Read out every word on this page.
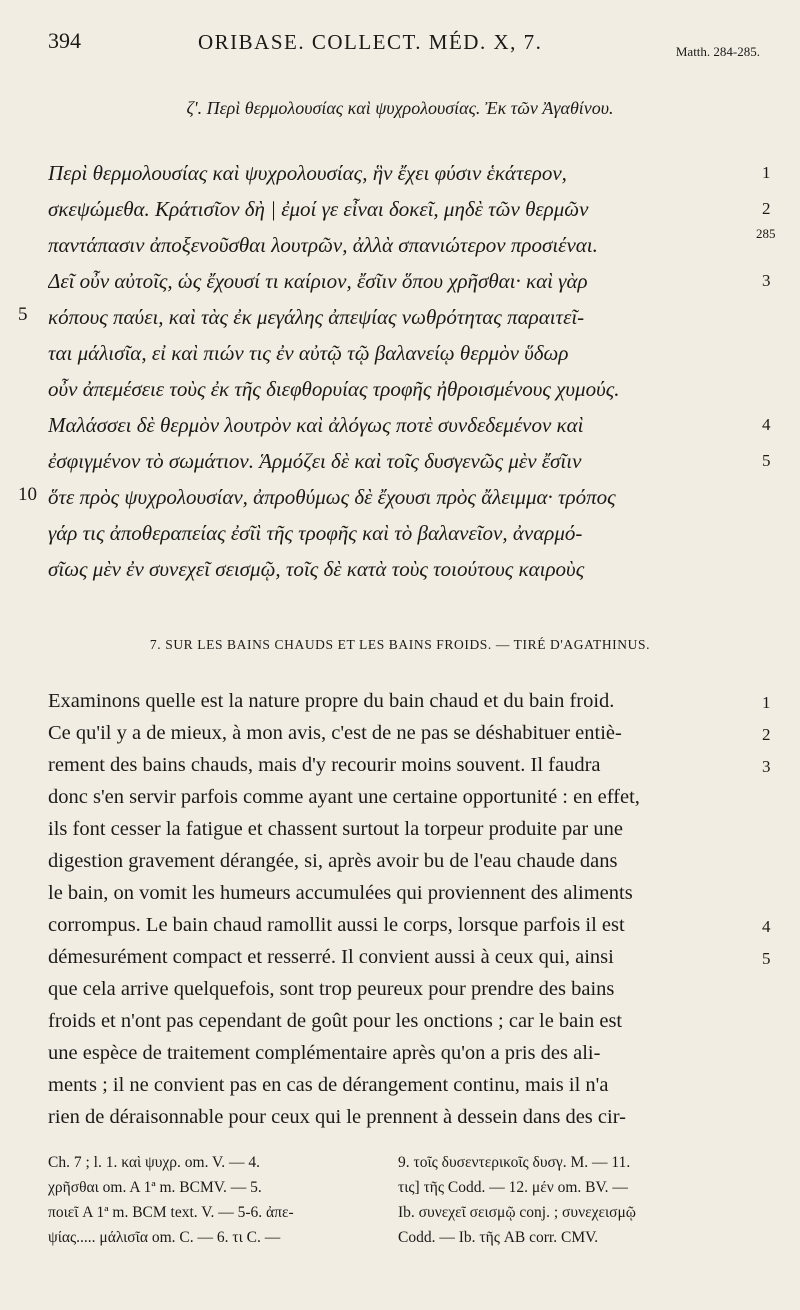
394	ORIBASE. COLLECT. MÉD. X, 7.	Matth. 284-285.
ζ'. Περὶ θερμολουσίας καὶ ψυχρολουσίας. Ἐκ τῶν Ἀγαθίνου.
285
Περὶ θερμολουσίας καὶ ψυχρολουσίας, ἣν ἔχει φύσιν ἑκάτερον,	1
σκεψώμεθα. Κράτισῖον δὴ | ἐμοί γε εἶναι δοκεῖ, μηδὲ τῶν θερμῶν	2
παντάπασιν ἀποξενοῦσθαι λουτρῶν, ἀλλὰ σπανιώτερον προσιέναι.
Δεῖ οὖν αὐτοῖς, ὡς ἔχουσί τι καίριον, ἔσῖιν ὅπου χρῆσθαι· καὶ γὰρ	3
κόπους παύει, καὶ τὰς ἐκ μεγάλης ἀπεψίας νωθρότητας παραιτεῖ-
5
ται μάλισῖα, εἰ καὶ πιών τις ἐν αὐτῷ τῷ βαλανείῳ θερμὸν ὕδωρ
οὖν ἀπεμέσειε τοὺς ἐκ τῆς διεφθορυίας τροφῆς ἠθροισμένους χυμούς.
Μαλάσσει δὲ θερμὸν λουτρὸν καὶ ἀλόγως ποτὲ συνδεδεμένον καὶ	4
ἐσφιγμένον τὸ σωμάτιον. Ἁρμόζει δὲ καὶ τοῖς δυσγενῶς μὲν ἔσῖιν	5
ὅτε πρὸς ψυχρολουσίαν, ἀπροθύμως δὲ ἔχουσι πρὸς ἄλειμμα· τρόπος
10
γάρ τις ἀποθεραπείας ἐσῖὶ τῆς τροφῆς καὶ τὸ βαλανεῖον, ἀναρμό-
σῖως μὲν ἐν συνεχεῖ σεισμῷ, τοῖς δὲ κατὰ τοὺς τοιούτους καιροὺς
7. SUR LES BAINS CHAUDS ET LES BAINS FROIDS. — TIRÉ D'AGATHINUS.
Examinons quelle est la nature propre du bain chaud et du bain froid.	1
Ce qu'il y a de mieux, à mon avis, c'est de ne pas se déshabituer entiè-	2
rement des bains chauds, mais d'y recourir moins souvent. Il faudra	3
donc s'en servir parfois comme ayant une certaine opportunité : en effet,
ils font cesser la fatigue et chassent surtout la torpeur produite par une
digestion gravement dérangée, si, après avoir bu de l'eau chaude dans
le bain, on vomit les humeurs accumulées qui proviennent des aliments
corrompus. Le bain chaud ramollit aussi le corps, lorsque parfois il est	4
démesurément compact et resserré. Il convient aussi à ceux qui, ainsi	5
que cela arrive quelquefois, sont trop peureux pour prendre des bains
froids et n'ont pas cependant de goût pour les onctions ; car le bain est
une espèce de traitement complémentaire après qu'on a pris des ali-
ments ; il ne convient pas en cas de dérangement continu, mais il n'a
rien de déraisonnable pour ceux qui le prennent à dessein dans des cir-
Ch. 7 ; l. 1. καὶ ψυχρ. om. V. — 4.
χρῆσθαι om. A 1ª m. BCMV. — 5.
ποιεῖ A 1ª m. BCM text. V. — 5-6. ἀπε-
ψίας..... μάλισῖα om. C. — 6. τι C. —
9. τοῖς δυσεντερικοῖς δυσγ. M. — 11.
τις] τῆς Codd. — 12. μέν om. BV. —
Ib. συνεχεῖ σεισμῷ conj. ; συνεχεισμῷ
Codd. — Ib. τῆς AB corr. CMV.
